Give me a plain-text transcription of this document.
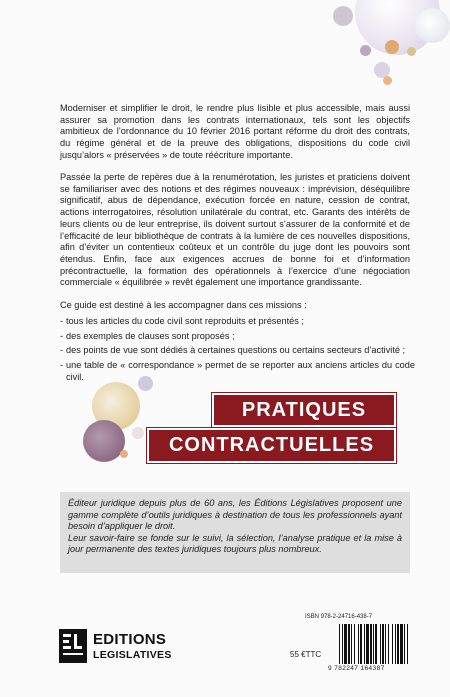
Moderniser et simplifier le droit, le rendre plus lisible et plus accessible, mais aussi assurer sa promotion dans les contrats internationaux, tels sont les objectifs ambitieux de l’ordonnance du 10 février 2016 portant réforme du droit des contrats, du régime général et de la preuve des obligations, dispositions du code civil jusqu’alors « préservées » de toute réécriture importante.

Passée la perte de repères due à la renumérotation, les juristes et praticiens doivent se familiariser avec des notions et des régimes nouveaux : imprévision, déséquilibre significatif, abus de dépendance, exécution forcée en nature, cession de contrat, actions interrogatoires, résolution unilatérale du contrat, etc. Garants des intérêts de leurs clients ou de leur entreprise, ils doivent surtout s’assurer de la conformité et de l’efficacité de leur bibliothèque de contrats à la lumière de ces nouvelles dispositions, afin d’éviter un contentieux coûteux et un contrôle du juge dont les pouvoirs sont étendus. Enfin, face aux exigences accrues de bonne foi et d’information précontractuelle, la formation des opérationnels à l’exercice d’une négociation commerciale « équilibrée » revêt également une importance grandissante.

Ce guide est destiné à les accompagner dans ces missions :

- tous les articles du code civil sont reproduits et présentés ;
- des exemples de clauses sont proposés ;
- des points de vue sont dédiés à certaines questions ou certains secteurs d’activité ;
- une table de « correspondance » permet de se reporter aux anciens articles du code civil.
PRATIQUES
CONTRACTUELLES

Éditeur juridique depuis plus de 60 ans, les Éditions Législatives proposent une gamme complète d’outils juridiques à destination de tous les professionnels ayant besoin d’appliquer le droit.

Leur savoir-faire se fonde sur le suivi, la sélection, l’analyse pratique et la mise à jour permanente des textes juridiques toujours plus nombreux.

EDITIONS
LEGISLATIVES
ISBN 978-2-24716-438-7
55 €TTC
9 782247 164387
